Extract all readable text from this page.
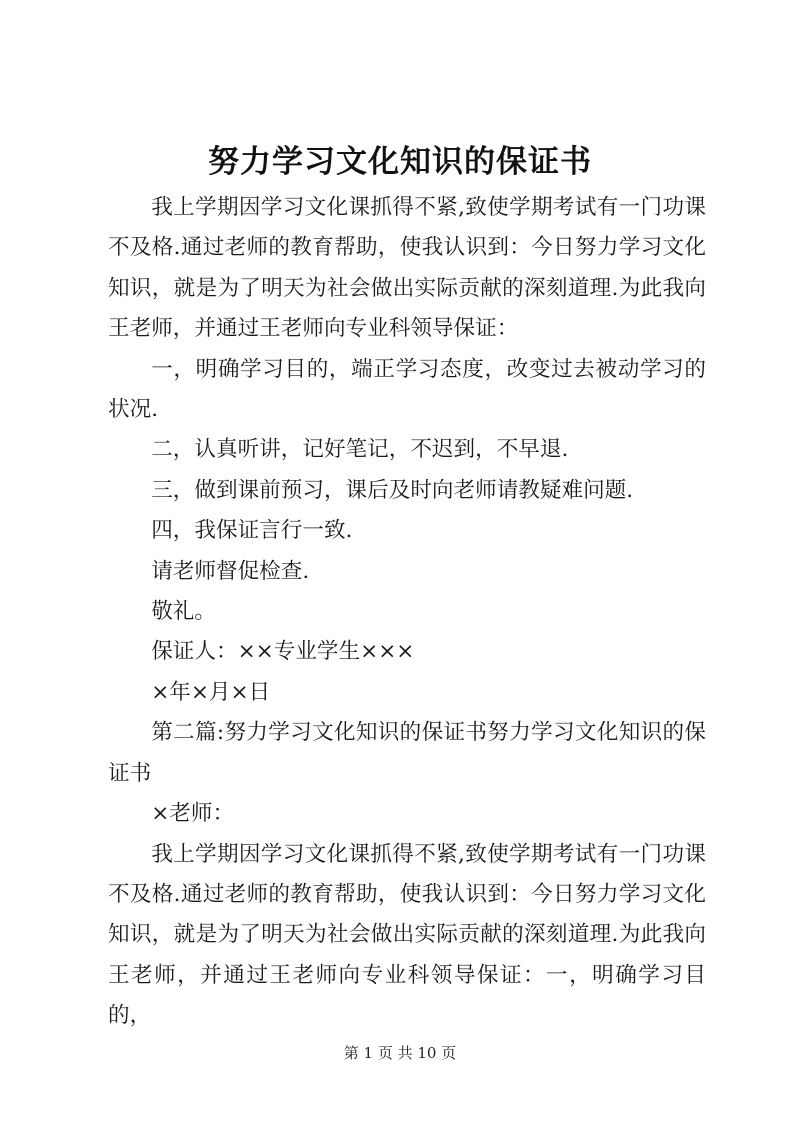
努力学习文化知识的保证书

我上学期因学习文化课抓得不紧,致使学期考试有一门功课不及格.通过老师的教育帮助，使我认识到：今日努力学习文化知识，就是为了明天为社会做出实际贡献的深刻道理.为此我向王老师，并通过王老师向专业科领导保证：

一，明确学习目的，端正学习态度，改变过去被动学习的状况.

二，认真听讲，记好笔记，不迟到，不早退.

三，做到课前预习，课后及时向老师请教疑难问题.

四，我保证言行一致.

请老师督促检查.

敬礼。

保证人：××专业学生×××

×年×月×日

第二篇:努力学习文化知识的保证书努力学习文化知识的保证书

×老师：

我上学期因学习文化课抓得不紧,致使学期考试有一门功课不及格.通过老师的教育帮助，使我认识到：今日努力学习文化知识，就是为了明天为社会做出实际贡献的深刻道理.为此我向王老师，并通过王老师向专业科领导保证：一，明确学习目的，

第 1 页 共 10 页
